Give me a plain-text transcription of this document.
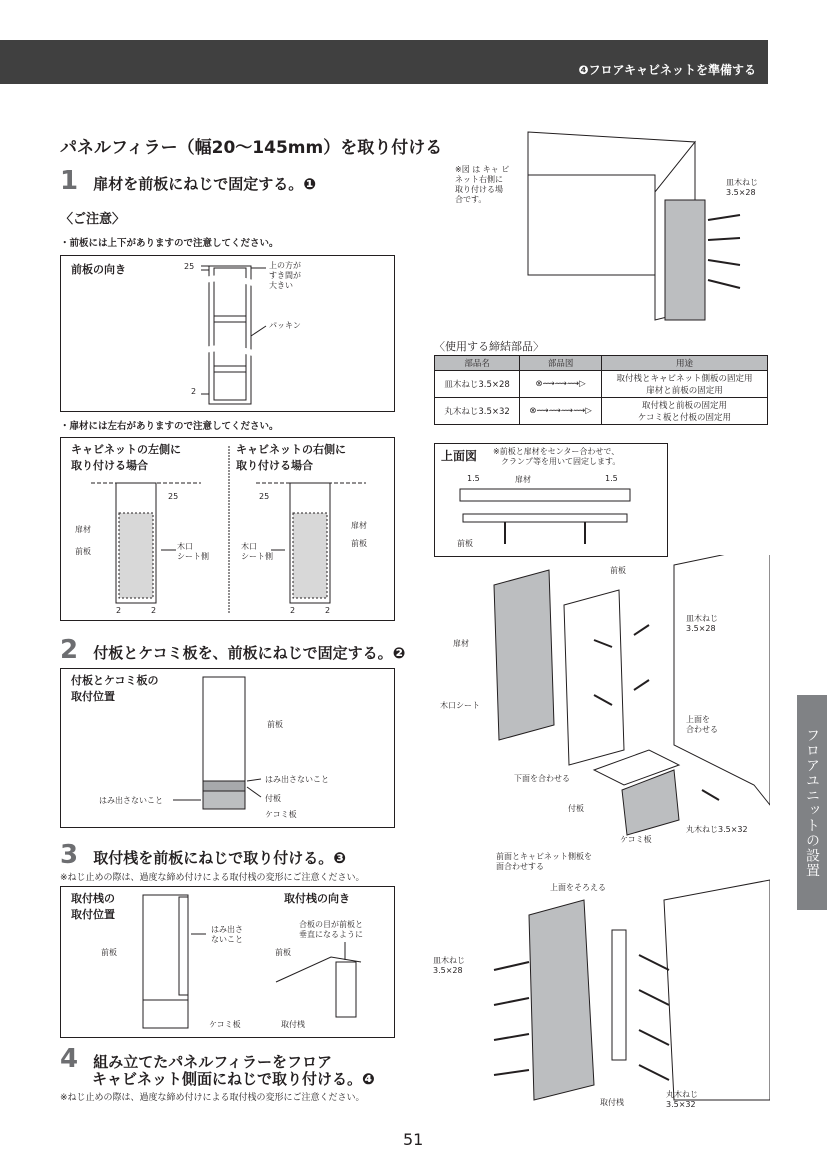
❹フロアキャビネットを準備する
パネルフィラー（幅20〜145mm）を取り付ける
1 扉材を前板にねじで固定する。❶
〈ご注意〉
・前板には上下がありますので注意してください。
前板の向き	25
2
上の方が
すき間が
大きい
パッキン
・扉材には左右がありますので注意してください。
キャビネットの左側に
取り付ける場合
キャビネットの右側に
取り付ける場合
25	25
扉材
前板
木口
シート側
扉材
前板
木口
シート側
2	2	2	2
2 付板とケコミ板を、前板にねじで固定する。❷
付板とケコミ板の
取付位置
前板
はみ出さないこと
はみ出さないこと	付板
ケコミ板
3 取付桟を前板にねじで取り付ける。❸
※ねじ止めの際は、過度な締め付けによる取付桟の変形にご注意ください。
取付桟の
取付位置
取付桟の向き
はみ出さ
ないこと
前板
ケコミ板
合板の目が前板と
垂直になるように
前板
取付桟
4 組み立てたパネルフィラーをフロア
キャビネット側面にねじで取り付ける。❹
※ねじ止めの際は、過度な締め付けによる取付桟の変形にご注意ください。
※図 は キャ ビ
ネット右側に
取り付ける場
合です。
皿木ねじ
3.5×28
〈使用する締結部品〉
部品名	部品図	用途
皿木ねじ3.5×28	⊗⟿⟿⟿▷	取付桟とキャビネット側板の固定用
扉材と前板の固定用

丸木ねじ3.5×32	⊗⟿⟿⟿⟿▷	取付桟と前板の固定用
ケコミ板と付板の固定用
上面図 ※前板と扉材をセンター合わせで、
クランプ等を用いて固定します。
1.5	1.5
扉材
前板
前板
扉材
木口シート
皿木ねじ
3.5×28
上面を
合わせる
下面を合わせる
付板
ケコミ板
丸木ねじ3.5×32
前面とキャビネット側板を
面合わせする
上面をそろえる
皿木ねじ
3.5×28
取付桟
丸木ねじ
3.5×32
フロアユニットの設置
51
